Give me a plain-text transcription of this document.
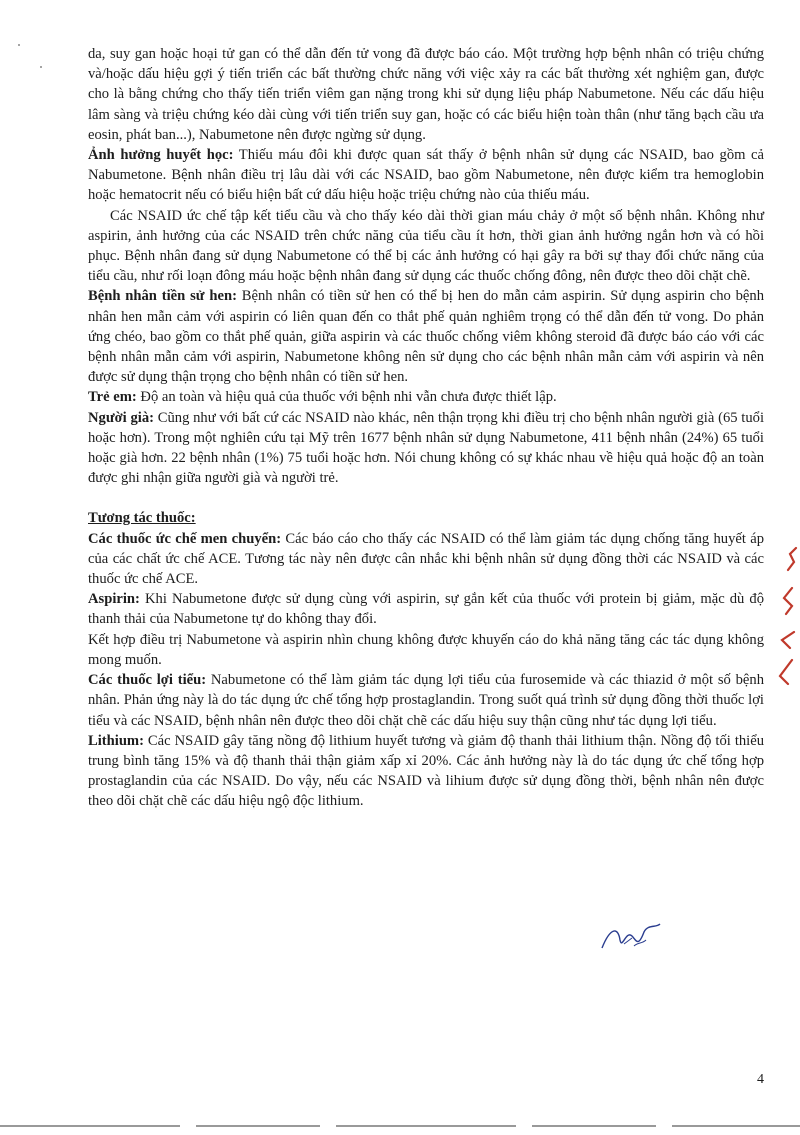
da, suy gan hoặc hoại tử gan có thể dẫn đến tử vong đã được báo cáo. Một trường hợp bệnh nhân có triệu chứng và/hoặc dấu hiệu gợi ý tiến triển các bất thường chức năng với việc xảy ra các bất thường xét nghiệm gan, được cho là bằng chứng cho thấy tiến triển viêm gan nặng trong khi sử dụng liệu pháp Nabumetone. Nếu các dấu hiệu lâm sàng và triệu chứng kéo dài cùng với tiến triển suy gan, hoặc có các biểu hiện toàn thân (như tăng bạch cầu ưa eosin, phát ban...), Nabumetone nên được ngừng sử dụng.

Ảnh hưởng huyết học: Thiếu máu đôi khi được quan sát thấy ở bệnh nhân sử dụng các NSAID, bao gồm cả Nabumetone. Bệnh nhân điều trị lâu dài với các NSAID, bao gồm Nabumetone, nên được kiểm tra hemoglobin hoặc hematocrit nếu có biểu hiện bất cứ dấu hiệu hoặc triệu chứng nào của thiếu máu.

Các NSAID ức chế tập kết tiểu cầu và cho thấy kéo dài thời gian máu chảy ở một số bệnh nhân. Không như aspirin, ảnh hưởng của các NSAID trên chức năng của tiểu cầu ít hơn, thời gian ảnh hưởng ngắn hơn và có hồi phục. Bệnh nhân đang sử dụng Nabumetone có thể bị các ảnh hưởng có hại gây ra bởi sự thay đổi chức năng của tiểu cầu, như rối loạn đông máu hoặc bệnh nhân đang sử dụng các thuốc chống đông, nên được theo dõi chặt chẽ.

Bệnh nhân tiền sử hen: Bệnh nhân có tiền sử hen có thể bị hen do mẫn cảm aspirin. Sử dụng aspirin cho bệnh nhân hen mẫn cảm với aspirin có liên quan đến co thắt phế quản nghiêm trọng có thể dẫn đến tử vong. Do phản ứng chéo, bao gồm co thắt phế quản, giữa aspirin và các thuốc chống viêm không steroid đã được báo cáo với các bệnh nhân mẫn cảm với aspirin, Nabumetone không nên sử dụng cho các bệnh nhân mẫn cảm với aspirin và nên được sử dụng thận trọng cho bệnh nhân có tiền sử hen.

Trẻ em: Độ an toàn và hiệu quả của thuốc với bệnh nhi vẫn chưa được thiết lập.

Người già: Cũng như với bất cứ các NSAID nào khác, nên thận trọng khi điều trị cho bệnh nhân người già (65 tuổi hoặc hơn). Trong một nghiên cứu tại Mỹ trên 1677 bệnh nhân sử dụng Nabumetone, 411 bệnh nhân (24%) 65 tuổi hoặc già hơn. 22 bệnh nhân (1%) 75 tuổi hoặc hơn. Nói chung không có sự khác nhau về hiệu quả hoặc độ an toàn được ghi nhận giữa người già và người trẻ.

Tương tác thuốc:

Các thuốc ức chế men chuyển: Các báo cáo cho thấy các NSAID có thể làm giảm tác dụng chống tăng huyết áp của các chất ức chế ACE. Tương tác này nên được cân nhắc khi bệnh nhân sử dụng đồng thời các NSAID và các thuốc ức chế ACE.

Aspirin: Khi Nabumetone được sử dụng cùng với aspirin, sự gắn kết của thuốc với protein bị giảm, mặc dù độ thanh thải của Nabumetone tự do không thay đổi.

Kết hợp điều trị Nabumetone và aspirin nhìn chung không được khuyến cáo do khả năng tăng các tác dụng không mong muốn.

Các thuốc lợi tiểu: Nabumetone có thể làm giảm tác dụng lợi tiểu của furosemide và các thiazid ở một số bệnh nhân. Phản ứng này là do tác dụng ức chế tổng hợp prostaglandin. Trong suốt quá trình sử dụng đồng thời thuốc lợi tiểu và các NSAID, bệnh nhân nên được theo dõi chặt chẽ các dấu hiệu suy thận cũng như tác dụng lợi tiểu.

Lithium: Các NSAID gây tăng nồng độ lithium huyết tương và giảm độ thanh thải lithium thận. Nồng độ tối thiểu trung bình tăng 15% và độ thanh thải thận giảm xấp xỉ 20%. Các ảnh hưởng này là do tác dụng ức chế tổng hợp prostaglandin của các NSAID. Do vậy, nếu các NSAID và lihium được sử dụng đồng thời, bệnh nhân nên được theo dõi chặt chẽ các dấu hiệu ngộ độc lithium.

4
